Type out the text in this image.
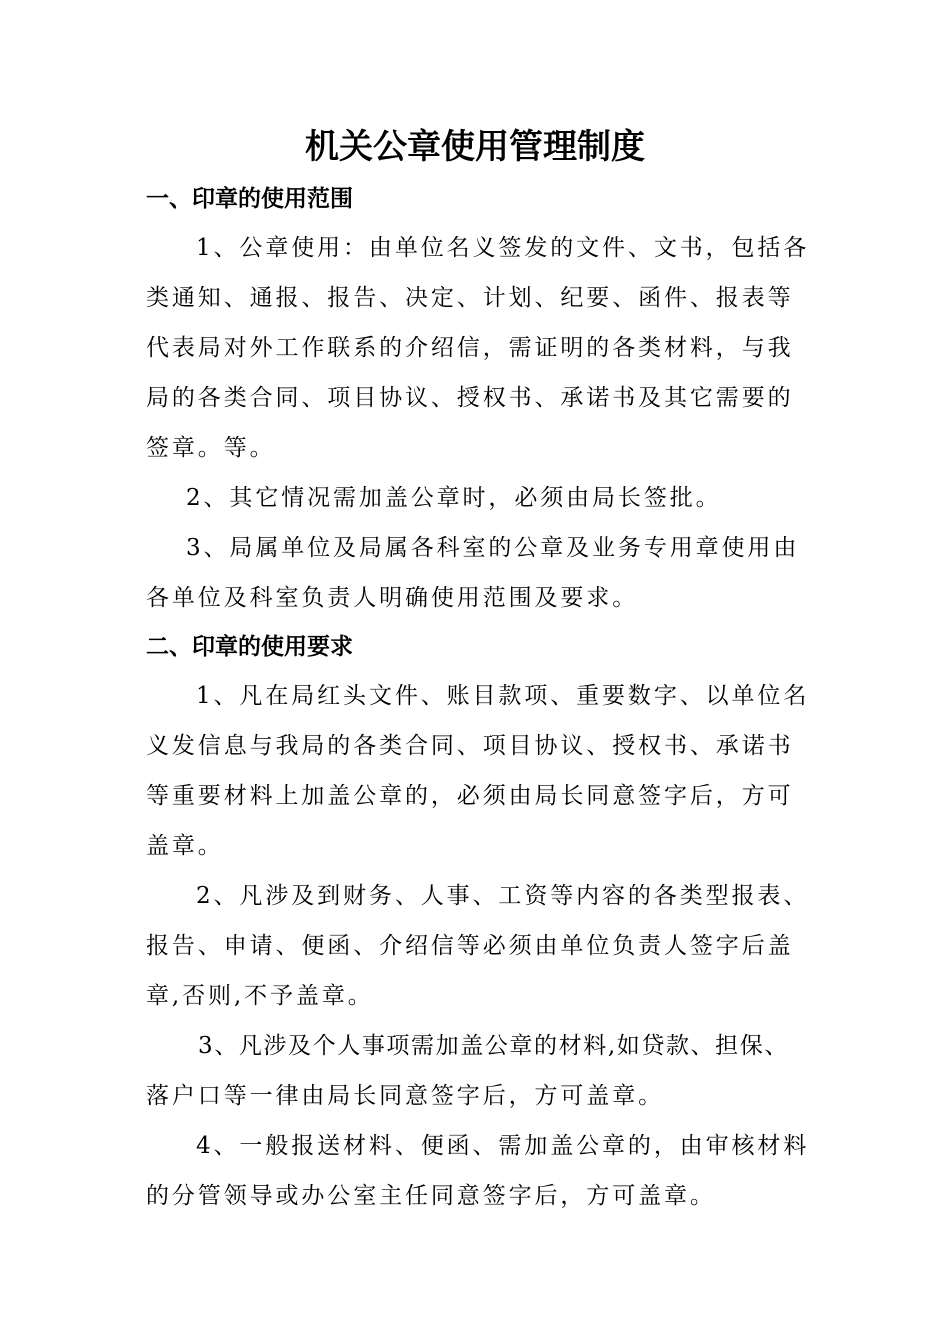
机关公章使用管理制度
一、印章的使用范围
1、公章使用：由单位名义签发的文件、文书，包括各
类通知、通报、报告、决定、计划、纪要、函件、报表等
代表局对外工作联系的介绍信，需证明的各类材料，与我
局的各类合同、项目协议、授权书、承诺书及其它需要的
签章。等。
2、其它情况需加盖公章时，必须由局长签批。
3、局属单位及局属各科室的公章及业务专用章使用由
各单位及科室负责人明确使用范围及要求。
二、印章的使用要求
1、凡在局红头文件、账目款项、重要数字、以单位名
义发信息与我局的各类合同、项目协议、授权书、承诺书
等重要材料上加盖公章的，必须由局长同意签字后，方可
盖章。
2、凡涉及到财务、人事、工资等内容的各类型报表、
报告、申请、便函、介绍信等必须由单位负责人签字后盖
章,否则,不予盖章。
3、凡涉及个人事项需加盖公章的材料,如贷款、担保、
落户口等一律由局长同意签字后，方可盖章。
4、一般报送材料、便函、需加盖公章的，由审核材料
的分管领导或办公室主任同意签字后，方可盖章。
